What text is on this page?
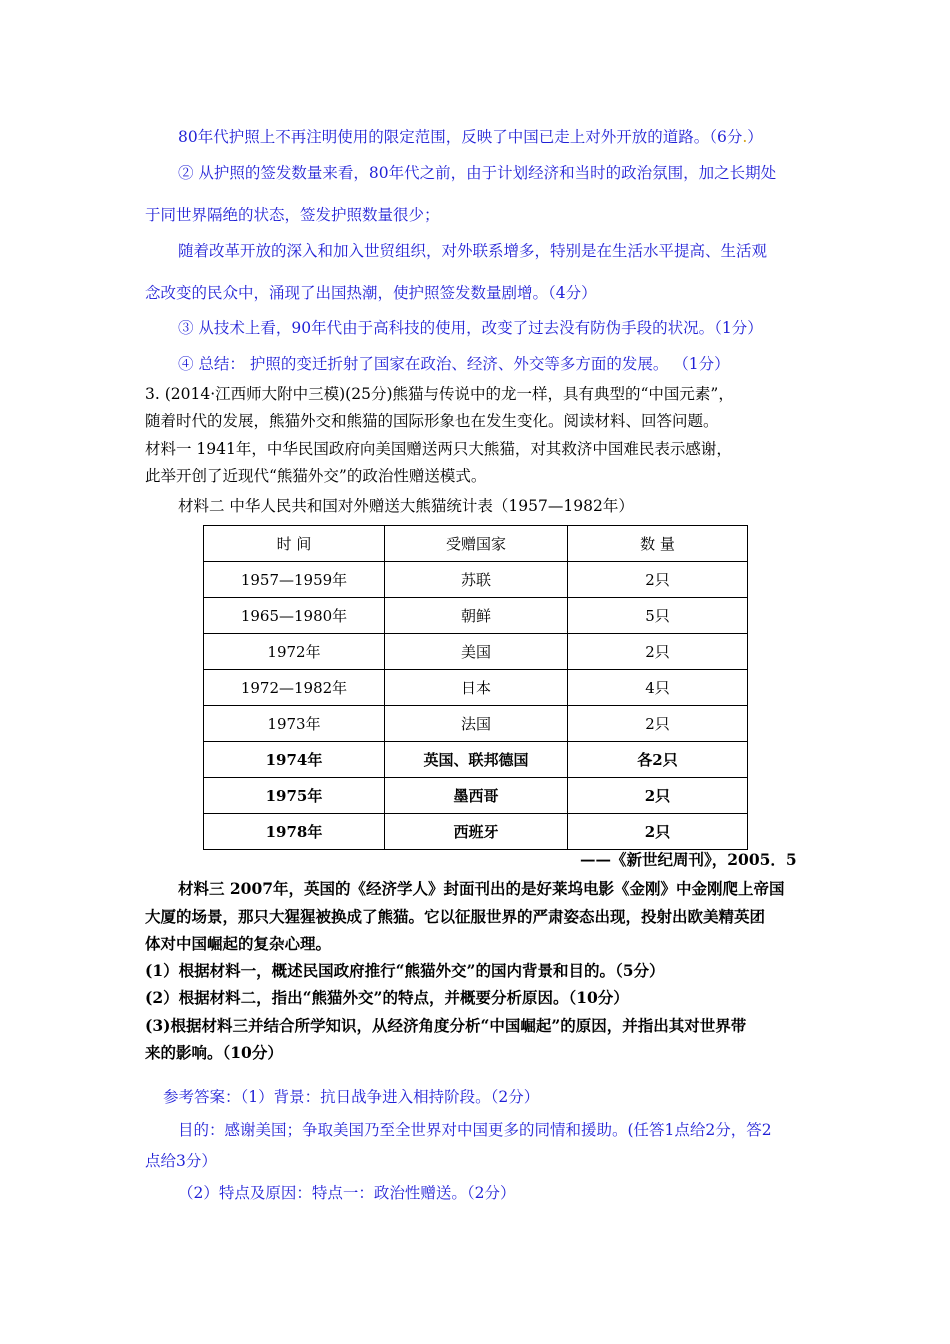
80年代护照上不再注明使用的限定范围，反映了中国已走上对外开放的道路。（6分.）
② 从护照的签发数量来看，80年代之前，由于计划经济和当时的政治氛围，加之长期处
于同世界隔绝的状态，签发护照数量很少；
随着改革开放的深入和加入世贸组织，对外联系增多，特别是在生活水平提高、生活观
念改变的民众中，涌现了出国热潮，使护照签发数量剧增。（4分）
③ 从技术上看，90年代由于高科技的使用，改变了过去没有防伪手段的状况。（1分）
④ 总结： 护照的变迁折射了国家在政治、经济、外交等多方面的发展。 （1分）
3. (2014·江西师大附中三模)(25分)熊猫与传说中的龙一样，具有典型的“中国元素”，
随着时代的发展，熊猫外交和熊猫的国际形象也在发生变化。阅读材料、回答问题。
材料一 1941年，中华民国政府向美国赠送两只大熊猫，对其救济中国难民表示感谢，
此举开创了近现代“熊猫外交”的政治性赠送模式。
材料二 中华人民共和国对外赠送大熊猫统计表（1957—1982年）
时 间	受赠国家	数 量
1957—1959年	苏联	2只
1965—1980年	朝鲜	5只
1972年	美国	2只
1972—1982年	日本	4只
1973年	法国	2只
1974年	英国、联邦德国	各2只
1975年	墨西哥	2只
1978年	西班牙	2只
——《新世纪周刊》，2005．5
材料三 2007年，英国的《经济学人》封面刊出的是好莱坞电影《金刚》中金刚爬上帝国
大厦的场景，那只大猩猩被换成了熊猫。它以征服世界的严肃姿态出现，投射出欧美精英团
体对中国崛起的复杂心理。
(1）根据材料一，概述民国政府推行“熊猫外交”的国内背景和目的。（5分）
(2）根据材料二，指出“熊猫外交”的特点，并概要分析原因。（10分）
(3)根据材料三并结合所学知识，从经济角度分析“中国崛起”的原因，并指出其对世界带
来的影响。（10分）
参考答案：（1）背景：抗日战争进入相持阶段。（2分）
目的：感谢美国；争取美国乃至全世界对中国更多的同情和援助。(任答1点给2分，答2
点给3分）
（2）特点及原因：特点一：政治性赠送。（2分）
